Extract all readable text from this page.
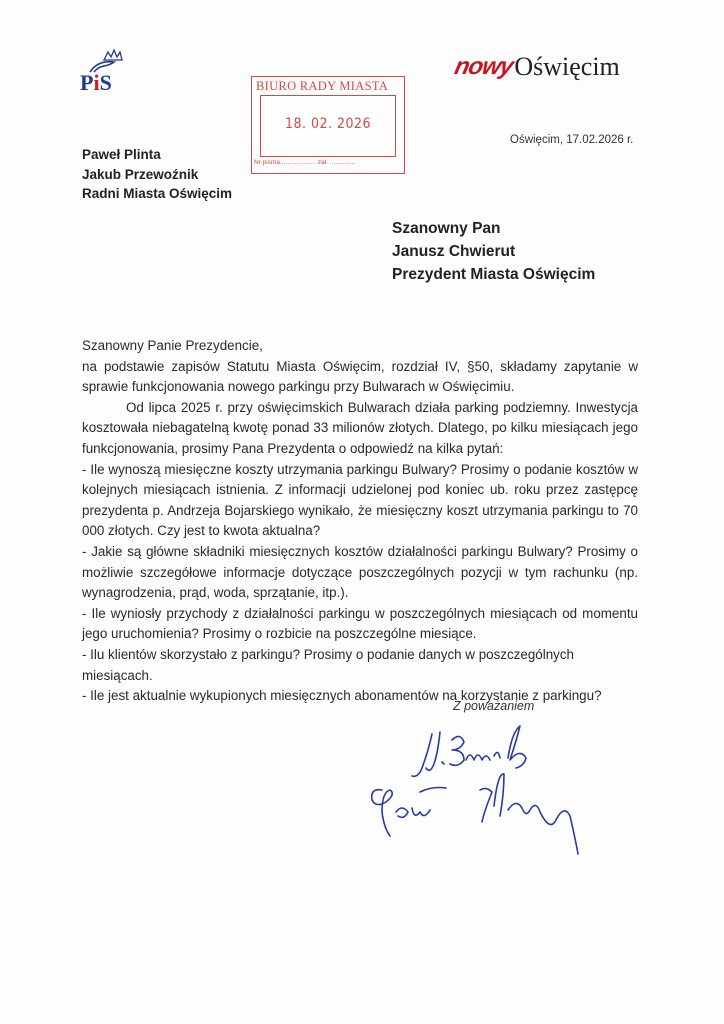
PiS	BIURO RADY MIASTA
18. 02. 2026
Nr pisma.................... zał. ..............
nowyOświęcim
Oświęcim, 17.02.2026 r.
Paweł Plinta
Jakub Przewoźnik
Radni Miasta Oświęcim
Szanowny Pan
Janusz Chwierut
Prezydent Miasta Oświęcim

Szanowny Panie Prezydencie,

na podstawie zapisów Statutu Miasta Oświęcim, rozdział IV, §50, składamy zapytanie w sprawie funkcjonowania nowego parkingu przy Bulwarach w Oświęcimiu.

Od lipca 2025 r. przy oświęcimskich Bulwarach działa parking podziemny. Inwestycja kosztowała niebagatelną kwotę ponad 33 milionów złotych. Dlatego, po kilku miesiącach jego funkcjonowania, prosimy Pana Prezydenta o odpowiedź na kilka pytań:

- Ile wynoszą miesięczne koszty utrzymania parkingu Bulwary? Prosimy o podanie kosztów w kolejnych miesiącach istnienia. Z informacji udzielonej pod koniec ub. roku przez zastępcę prezydenta p. Andrzeja Bojarskiego wynikało, że miesięczny koszt utrzymania parkingu to 70 000 złotych. Czy jest to kwota aktualna?

- Jakie są główne składniki miesięcznych kosztów działalności parkingu Bulwary? Prosimy o możliwie szczegółowe informacje dotyczące poszczególnych pozycji w tym rachunku (np. wynagrodzenia, prąd, woda, sprzątanie, itp.).

- Ile wyniosły przychody z działalności parkingu w poszczególnych miesiącach od momentu jego uruchomienia? Prosimy o rozbicie na poszczególne miesiące.

- Ilu klientów skorzystało z parkingu? Prosimy o podanie danych w poszczególnych miesiącach.

- Ile jest aktualnie wykupionych miesięcznych abonamentów na korzystanie z parkingu?

Z poważaniem
